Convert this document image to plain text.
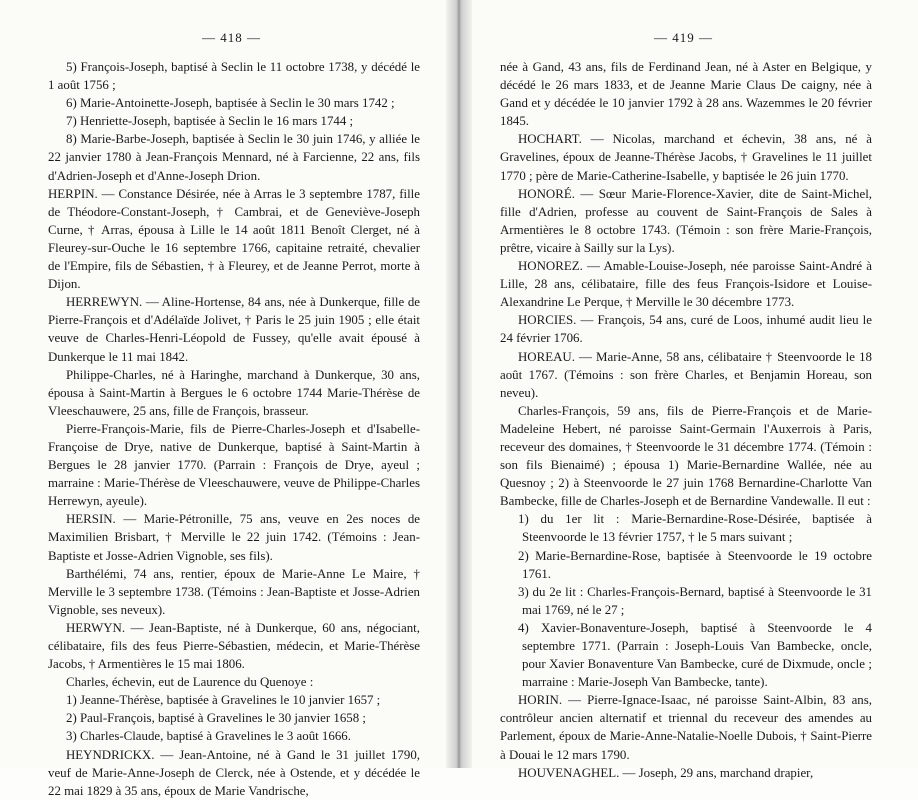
— 418 —

5) François-Joseph, baptisé à Seclin le 11 octobre 1738, y décédé le 1 août 1756 ;

6) Marie-Antoinette-Joseph, baptisée à Seclin le 30 mars 1742 ;

7) Henriette-Joseph, baptisée à Seclin le 16 mars 1744 ;

8) Marie-Barbe-Joseph, baptisée à Seclin le 30 juin 1746, y alliée le 22 janvier 1780 à Jean-François Mennard, né à Farcienne, 22 ans, fils d'Adrien-Joseph et d'Anne-Joseph Drion.

HERPIN. — Constance Désirée, née à Arras le 3 septembre 1787, fille de Théodore-Constant-Joseph, † Cambrai, et de Geneviève-Joseph Curne, † Arras, épousa à Lille le 14 août 1811 Benoît Clerget, né à Fleurey-sur-Ouche le 16 septembre 1766, capitaine retraité, chevalier de l'Empire, fils de Sébastien, † à Fleurey, et de Jeanne Perrot, morte à Dijon.

HERREWYN. — Aline-Hortense, 84 ans, née à Dunkerque, fille de Pierre-François et d'Adélaïde Jolivet, † Paris le 25 juin 1905 ; elle était veuve de Charles-Henri-Léopold de Fussey, qu'elle avait épousé à Dunkerque le 11 mai 1842.

Philippe-Charles, né à Haringhe, marchand à Dunkerque, 30 ans, épousa à Saint-Martin à Bergues le 6 octobre 1744 Marie-Thérèse de Vleeschauwere, 25 ans, fille de François, brasseur.

Pierre-François-Marie, fils de Pierre-Charles-Joseph et d'Isabelle-Françoise de Drye, native de Dunkerque, baptisé à Saint-Martin à Bergues le 28 janvier 1770. (Parrain : François de Drye, ayeul ; marraine : Marie-Thérèse de Vleeschauwere, veuve de Philippe-Charles Herrewyn, ayeule).

HERSIN. — Marie-Pétronille, 75 ans, veuve en 2es noces de Maximilien Brisbart, † Merville le 22 juin 1742. (Témoins : Jean-Baptiste et Josse-Adrien Vignoble, ses fils).

Barthélémi, 74 ans, rentier, époux de Marie-Anne Le Maire, † Merville le 3 septembre 1738. (Témoins : Jean-Baptiste et Josse-Adrien Vignoble, ses neveux).

HERWYN. — Jean-Baptiste, né à Dunkerque, 60 ans, négociant, célibataire, fils des feus Pierre-Sébastien, médecin, et Marie-Thérèse Jacobs, † Armentières le 15 mai 1806.

Charles, échevin, eut de Laurence du Quenoye :

1) Jeanne-Thérèse, baptisée à Gravelines le 10 janvier 1657 ;

2) Paul-François, baptisé à Gravelines le 30 janvier 1658 ;

3) Charles-Claude, baptisé à Gravelines le 3 août 1666.

HEYNDRICKX. — Jean-Antoine, né à Gand le 31 juillet 1790, veuf de Marie-Anne-Joseph de Clerck, née à Ostende, et y décédée le 22 mai 1829 à 35 ans, époux de Marie Vandrische,

— 419 —

née à Gand, 43 ans, fils de Ferdinand Jean, né à Aster en Belgique, y décédé le 26 mars 1833, et de Jeanne Marie Claus De caigny, née à Gand et y décédée le 10 janvier 1792 à 28 ans. Wazemmes le 20 février 1845.

HOCHART. — Nicolas, marchand et échevin, 38 ans, né à Gravelines, époux de Jeanne-Thérèse Jacobs, † Gravelines le 11 juillet 1770 ; père de Marie-Catherine-Isabelle, y baptisée le 26 juin 1770.

HONORÉ. — Sœur Marie-Florence-Xavier, dite de Saint-Michel, fille d'Adrien, professe au couvent de Saint-François de Sales à Armentières le 8 octobre 1743. (Témoin : son frère Marie-François, prêtre, vicaire à Sailly sur la Lys).

HONOREZ. — Amable-Louise-Joseph, née paroisse Saint-André à Lille, 28 ans, célibataire, fille des feus François-Isidore et Louise-Alexandrine Le Perque, † Merville le 30 décembre 1773.

HORCIES. — François, 54 ans, curé de Loos, inhumé audit lieu le 24 février 1706.

HOREAU. — Marie-Anne, 58 ans, célibataire † Steenvoorde le 18 août 1767. (Témoins : son frère Charles, et Benjamin Horeau, son neveu).

Charles-François, 59 ans, fils de Pierre-François et de Marie-Madeleine Hebert, né paroisse Saint-Germain l'Auxerrois à Paris, receveur des domaines, † Steenvoorde le 31 décembre 1774. (Témoin : son fils Bienaimé) ; épousa 1) Marie-Bernardine Wallée, née au Quesnoy ; 2) à Steenvoorde le 27 juin 1768 Bernardine-Charlotte Van Bambecke, fille de Charles-Joseph et de Bernardine Vandewalle. Il eut :

1) du 1er lit : Marie-Bernardine-Rose-Désirée, baptisée à Steenvoorde le 13 février 1757, † le 5 mars suivant ;

2) Marie-Bernardine-Rose, baptisée à Steenvoorde le 19 octobre 1761.

3) du 2e lit : Charles-François-Bernard, baptisé à Steenvoorde le 31 mai 1769, né le 27 ;

4) Xavier-Bonaventure-Joseph, baptisé à Steenvoorde le 4 septembre 1771. (Parrain : Joseph-Louis Van Bambecke, oncle, pour Xavier Bonaventure Van Bambecke, curé de Dixmude, oncle ; marraine : Marie-Joseph Van Bambecke, tante).

HORIN. — Pierre-Ignace-Isaac, né paroisse Saint-Albin, 83 ans, contrôleur ancien alternatif et triennal du receveur des amendes au Parlement, époux de Marie-Anne-Natalie-Noelle Dubois, † Saint-Pierre à Douai le 12 mars 1790.

HOUVENAGHEL. — Joseph, 29 ans, marchand drapier,
